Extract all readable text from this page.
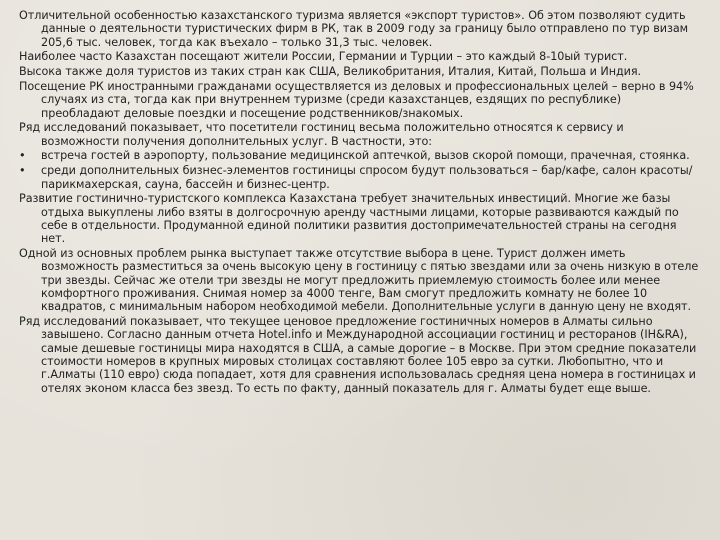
Отличительной особенностью казахстанского туризма является «экспорт туристов». Об этом позволяют судить данные о деятельности туристических фирм в РК, так в 2009 году за границу было отправлено по тур визам 205,6 тыс. человек, тогда как въехало – только 31,3 тыс. человек.

Наиболее часто Казахстан посещают жители России, Германии и Турции – это каждый 8-10ый турист.

Высока также доля туристов из таких стран как США, Великобритания, Италия, Китай, Польша и Индия.

Посещение РК иностранными гражданами осуществляется из деловых и профессиональных целей – верно в 94% случаях из ста, тогда как при внутреннем туризме (среди казахстанцев, ездящих по республике) преобладают деловые поездки и посещение родственников/знакомых.

Ряд исследований показывает, что посетители гостиниц весьма положительно относятся к сервису и возможности получения дополнительных услуг. В частности, это:

•	встреча гостей в аэропорту, пользование медицинской аптечкой, вызов скорой помощи, прачечная, стоянка.
•	среди дополнительных бизнес-элементов гостиницы спросом будут пользоваться – бар/кафе, салон красоты/парикмахерская, сауна, бассейн и бизнес-центр.

Развитие гостинично-туристского комплекса Казахстана требует значительных инвестиций. Многие же базы отдыха выкуплены либо взяты в долгосрочную аренду частными лицами, которые развиваются каждый по себе в отдельности. Продуманной единой политики развития достопримечательностей страны на сегодня нет.

Одной из основных проблем рынка выступает также отсутствие выбора в цене. Турист должен иметь возможность разместиться за очень высокую цену в гостиницу с пятью звездами или за очень низкую в отеле три звезды. Сейчас же отели три звезды не могут предложить приемлемую стоимость более или менее комфортного проживания. Снимая номер за 4000 тенге, Вам смогут предложить комнату не более 10 квадратов, с минимальным набором необходимой мебели. Дополнительные услуги в данную цену не входят.

Ряд исследований показывает, что текущее ценовое предложение гостиничных номеров в Алматы сильно завышено. Согласно данным отчета Hotel.info и Международной ассоциации гостиниц и ресторанов (IH&RA), самые дешевые гостиницы мира находятся в США, а самые дорогие – в Москве. При этом средние показатели стоимости номеров в крупных мировых столицах составляют более 105 евро за сутки. Любопытно, что и г.Алматы (110 евро) сюда попадает, хотя для сравнения использовалась средняя цена номера в гостиницах и отелях эконом класса без звезд. То есть по факту, данный показатель для г. Алматы будет еще выше.
